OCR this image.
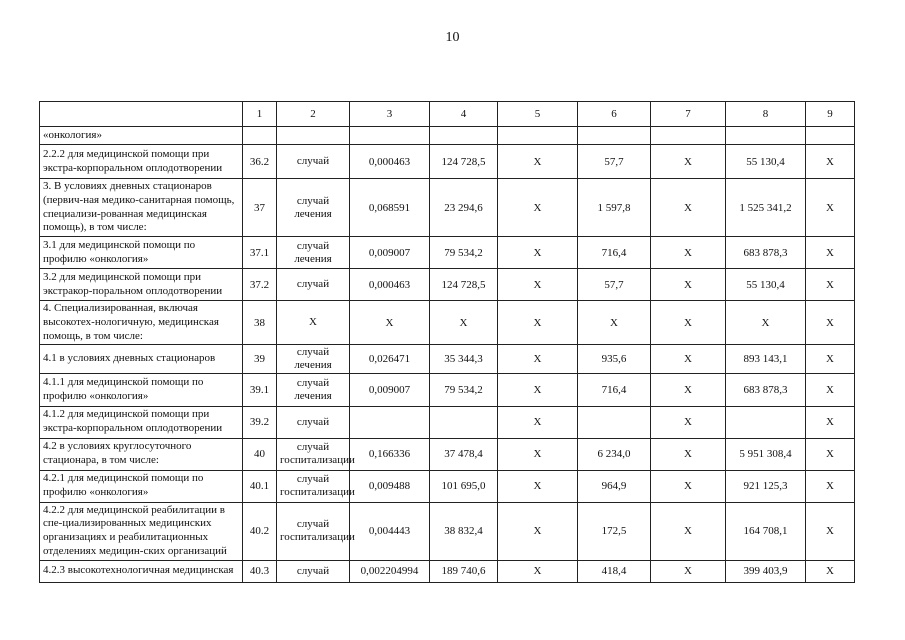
10
	1	2	3	4	5	6	7	8	9
«онкология»									
2.2.2 для медицинской помощи при экстра-корпоральном оплодотворении	36.2	случай	0,000463	124 728,5	X	57,7	X	55 130,4	X
3. В условиях дневных стационаров (первич-ная медико-санитарная помощь, специализи-рованная медицинская помощь), в том числе:	37	случай лечения	0,068591	23 294,6	X	1 597,8	X	1 525 341,2	X
3.1 для медицинской помощи по профилю «онкология»	37.1	случай лечения	0,009007	79 534,2	X	716,4	X	683 878,3	X
3.2 для медицинской помощи при экстракор-поральном оплодотворении	37.2	случай	0,000463	124 728,5	X	57,7	X	55 130,4	X
4. Специализированная, включая высокотех-нологичную, медицинская помощь, в том числе:	38	X	X	X	X	X	X	X	X
4.1 в условиях дневных стационаров	39	случай лечения	0,026471	35 344,3	X	935,6	X	893 143,1	X
4.1.1 для медицинской помощи по профилю «онкология»	39.1	случай лечения	0,009007	79 534,2	X	716,4	X	683 878,3	X
4.1.2 для медицинской помощи при экстра-корпоральном оплодотворении	39.2	случай			X		X		X
4.2 в условиях круглосуточного стационара, в том числе:	40	случай госпитализации	0,166336	37 478,4	X	6 234,0	X	5 951 308,4	X
4.2.1 для медицинской помощи по профилю «онкология»	40.1	случай госпитализации	0,009488	101 695,0	X	964,9	X	921 125,3	X
4.2.2 для медицинской реабилитации в спе-циализированных медицинских организациях и реабилитационных отделениях медицин-ских организаций	40.2	случай госпитализации	0,004443	38 832,4	X	172,5	X	164 708,1	X
4.2.3 высокотехнологичная медицинская	40.3	случай	0,002204994	189 740,6	X	418,4	X	399 403,9	X
